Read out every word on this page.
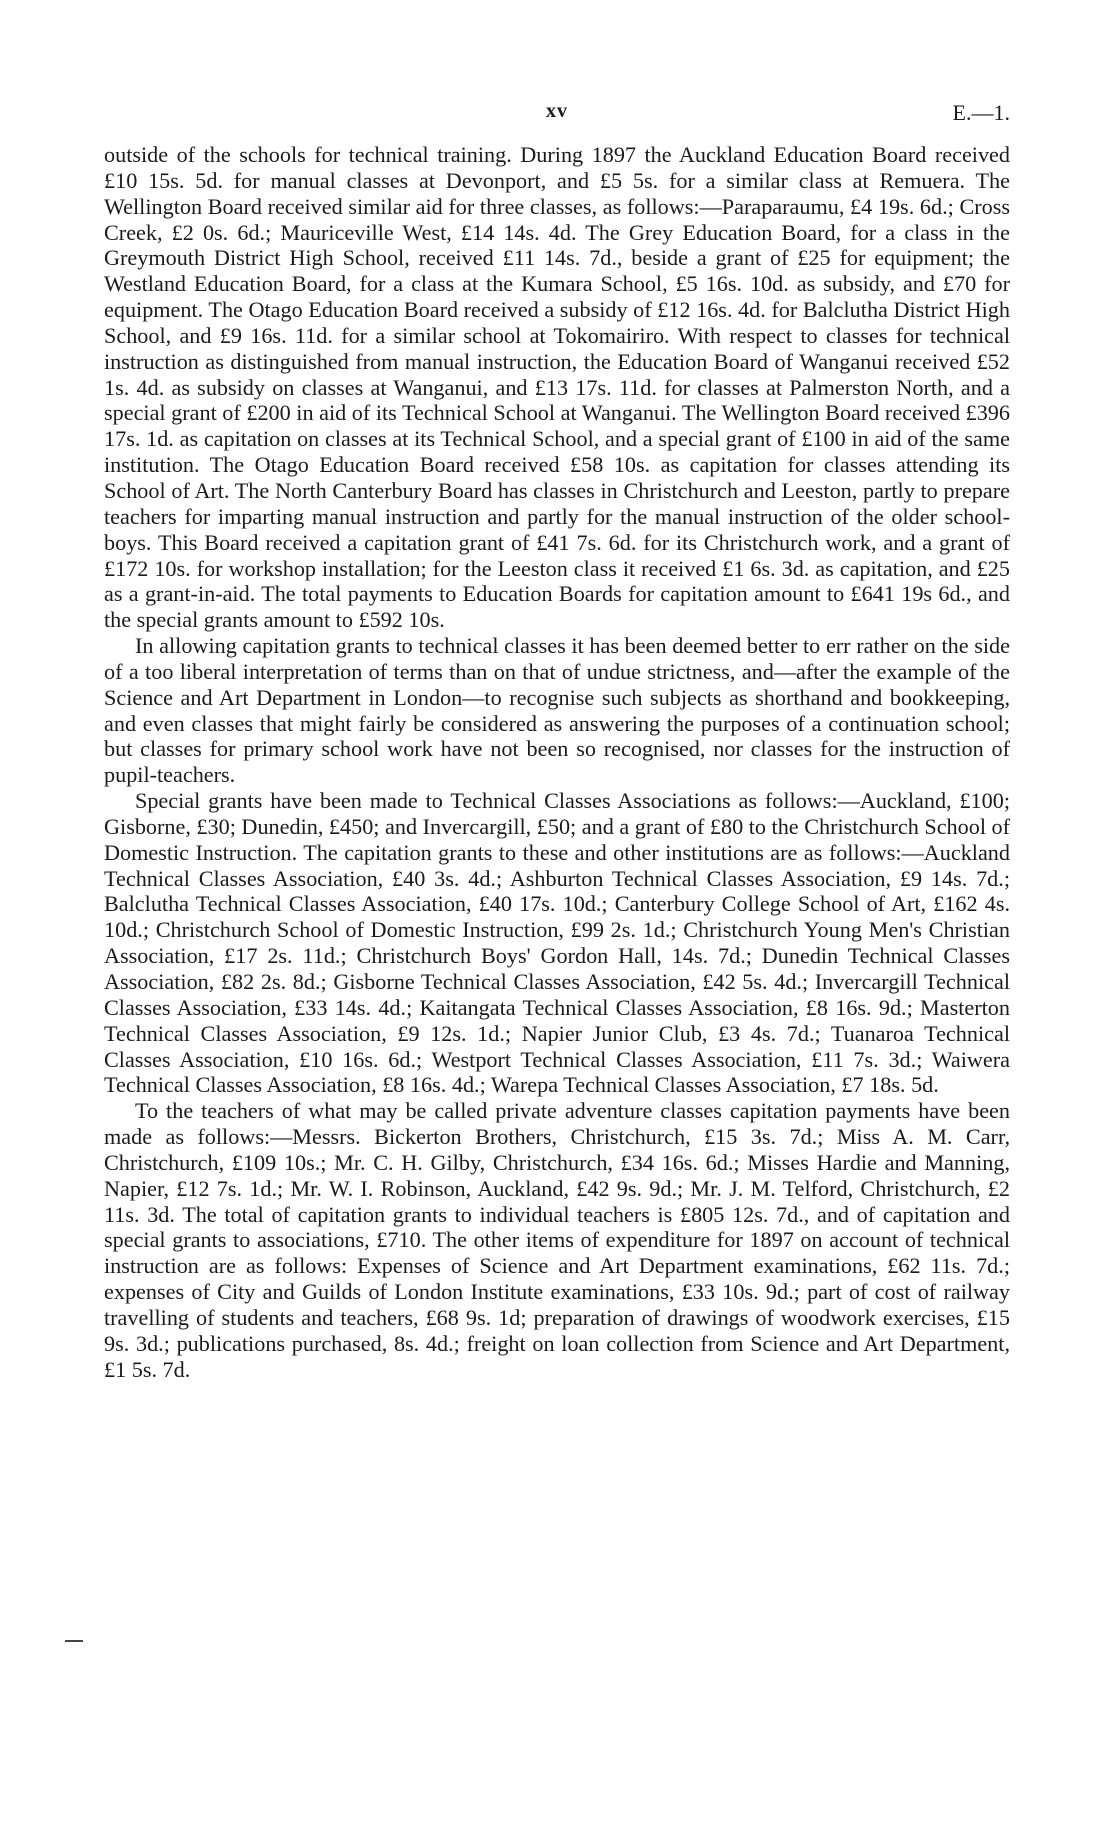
xv	E.—1.

outside of the schools for technical training. During 1897 the Auckland Education Board received £10 15s. 5d. for manual classes at Devonport, and £5 5s. for a similar class at Remuera. The Wellington Board received similar aid for three classes, as follows:—Paraparaumu, £4 19s. 6d.; Cross Creek, £2 0s. 6d.; Mauriceville West, £14 14s. 4d. The Grey Education Board, for a class in the Greymouth District High School, received £11 14s. 7d., beside a grant of £25 for equipment; the Westland Education Board, for a class at the Kumara School, £5 16s. 10d. as subsidy, and £70 for equipment. The Otago Education Board received a subsidy of £12 16s. 4d. for Balclutha District High School, and £9 16s. 11d. for a similar school at Tokomairiro. With respect to classes for technical instruction as distinguished from manual instruction, the Education Board of Wanganui received £52 1s. 4d. as subsidy on classes at Wanganui, and £13 17s. 11d. for classes at Palmerston North, and a special grant of £200 in aid of its Technical School at Wanganui. The Wellington Board received £396 17s. 1d. as capitation on classes at its Technical School, and a special grant of £100 in aid of the same institution. The Otago Education Board received £58 10s. as capitation for classes attending its School of Art. The North Canterbury Board has classes in Christchurch and Leeston, partly to prepare teachers for imparting manual instruction and partly for the manual instruction of the older school-boys. This Board received a capitation grant of £41 7s. 6d. for its Christchurch work, and a grant of £172 10s. for workshop installation; for the Leeston class it received £1 6s. 3d. as capitation, and £25 as a grant-in-aid. The total payments to Education Boards for capitation amount to £641 19s 6d., and the special grants amount to £592 10s.

In allowing capitation grants to technical classes it has been deemed better to err rather on the side of a too liberal interpretation of terms than on that of undue strictness, and—after the example of the Science and Art Department in London—to recognise such subjects as shorthand and bookkeeping, and even classes that might fairly be considered as answering the purposes of a continuation school; but classes for primary school work have not been so recognised, nor classes for the instruction of pupil-teachers.

Special grants have been made to Technical Classes Associations as follows:—Auckland, £100; Gisborne, £30; Dunedin, £450; and Invercargill, £50; and a grant of £80 to the Christchurch School of Domestic Instruction. The capitation grants to these and other institutions are as follows:—Auckland Technical Classes Association, £40 3s. 4d.; Ashburton Technical Classes Association, £9 14s. 7d.; Balclutha Technical Classes Association, £40 17s. 10d.; Canterbury College School of Art, £162 4s. 10d.; Christchurch School of Domestic Instruction, £99 2s. 1d.; Christchurch Young Men's Christian Association, £17 2s. 11d.; Christchurch Boys' Gordon Hall, 14s. 7d.; Dunedin Technical Classes Association, £82 2s. 8d.; Gisborne Technical Classes Association, £42 5s. 4d.; Invercargill Technical Classes Association, £33 14s. 4d.; Kaitangata Technical Classes Association, £8 16s. 9d.; Masterton Technical Classes Association, £9 12s. 1d.; Napier Junior Club, £3 4s. 7d.; Tuanaroa Technical Classes Association, £10 16s. 6d.; Westport Technical Classes Association, £11 7s. 3d.; Waiwera Technical Classes Association, £8 16s. 4d.; Warepa Technical Classes Association, £7 18s. 5d.

To the teachers of what may be called private adventure classes capitation payments have been made as follows:—Messrs. Bickerton Brothers, Christchurch, £15 3s. 7d.; Miss A. M. Carr, Christchurch, £109 10s.; Mr. C. H. Gilby, Christchurch, £34 16s. 6d.; Misses Hardie and Manning, Napier, £12 7s. 1d.; Mr. W. I. Robinson, Auckland, £42 9s. 9d.; Mr. J. M. Telford, Christchurch, £2 11s. 3d. The total of capitation grants to individual teachers is £805 12s. 7d., and of capitation and special grants to associations, £710. The other items of expenditure for 1897 on account of technical instruction are as follows: Expenses of Science and Art Department examinations, £62 11s. 7d.; expenses of City and Guilds of London Institute examinations, £33 10s. 9d.; part of cost of railway travelling of students and teachers, £68 9s. 1d; preparation of drawings of woodwork exercises, £15 9s. 3d.; publications purchased, 8s. 4d.; freight on loan collection from Science and Art Department, £1 5s. 7d.
